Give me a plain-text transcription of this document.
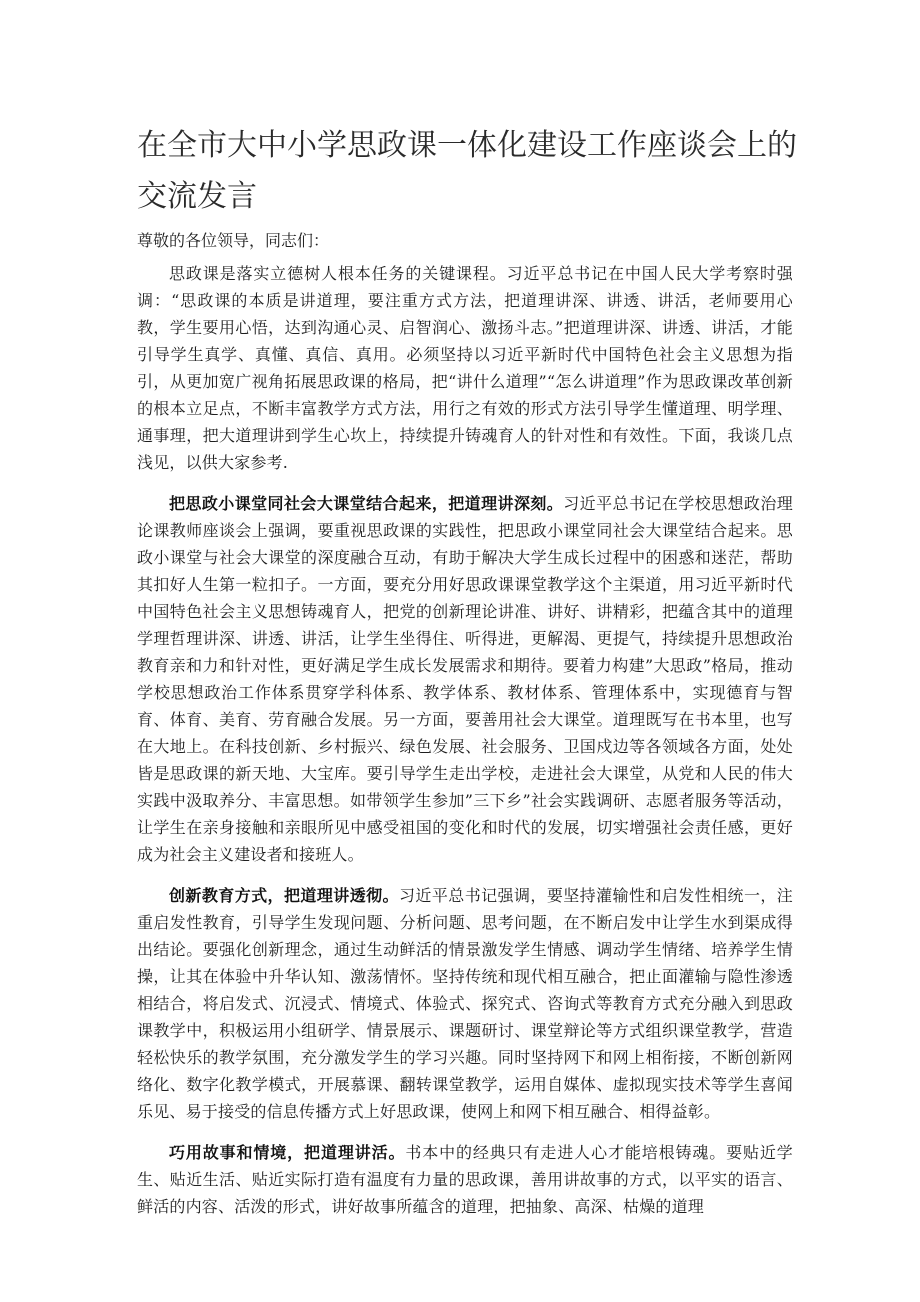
在全市大中小学思政课一体化建设工作座谈会上的交流发言

尊敬的各位领导，同志们：

思政课是落实立德树人根本任务的关键课程。习近平总书记在中国人民大学考察时强调：“思政课的本质是讲道理，要注重方式方法，把道理讲深、讲透、讲活，老师要用心教，学生要用心悟，达到沟通心灵、启智润心、激扬斗志。”把道理讲深、讲透、讲活，才能引导学生真学、真懂、真信、真用。必须坚持以习近平新时代中国特色社会主义思想为指引，从更加宽广视角拓展思政课的格局，把“讲什么道理”“怎么讲道理”作为思政课改革创新的根本立足点，不断丰富教学方式方法，用行之有效的形式方法引导学生懂道理、明学理、通事理，把大道理讲到学生心坎上，持续提升铸魂育人的针对性和有效性。下面，我谈几点浅见，以供大家参考.

把思政小课堂同社会大课堂结合起来，把道理讲深刻。习近平总书记在学校思想政治理论课教师座谈会上强调，要重视思政课的实践性，把思政小课堂同社会大课堂结合起来。思政小课堂与社会大课堂的深度融合互动，有助于解决大学生成长过程中的困惑和迷茫，帮助其扣好人生第一粒扣子。一方面，要充分用好思政课课堂教学这个主渠道，用习近平新时代中国特色社会主义思想铸魂育人，把党的创新理论讲准、讲好、讲精彩，把蕴含其中的道理学理哲理讲深、讲透、讲活，让学生坐得住、听得进，更解渴、更提气，持续提升思想政治教育亲和力和针对性，更好满足学生成长发展需求和期待。要着力构建”大思政”格局，推动学校思想政治工作体系贯穿学科体系、教学体系、教材体系、管理体系中，实现德育与智育、体育、美育、劳育融合发展。另一方面，要善用社会大课堂。道理既写在书本里，也写在大地上。在科技创新、乡村振兴、绿色发展、社会服务、卫国戍边等各领域各方面，处处皆是思政课的新天地、大宝库。要引导学生走出学校，走进社会大课堂，从党和人民的伟大实践中汲取养分、丰富思想。如带领学生参加”三下乡”社会实践调研、志愿者服务等活动，让学生在亲身接触和亲眼所见中感受祖国的变化和时代的发展，切实增强社会责任感，更好成为社会主义建设者和接班人。

创新教育方式，把道理讲透彻。习近平总书记强调，要坚持灌输性和启发性相统一，注重启发性教育，引导学生发现问题、分析问题、思考问题，在不断启发中让学生水到渠成得出结论。要强化创新理念，通过生动鲜活的情景激发学生情感、调动学生情绪、培养学生情操，让其在体验中升华认知、激荡情怀。坚持传统和现代相互融合，把止面灌输与隐性渗透相结合，将启发式、沉浸式、情境式、体验式、探究式、咨询式等教育方式充分融入到思政课教学中，积极运用小组研学、情景展示、课题研讨、课堂辩论等方式组织课堂教学，营造轻松快乐的教学氛围，充分激发学生的学习兴趣。同时坚持网下和网上相衔接，不断创新网络化、数字化教学模式，开展慕课、翻转课堂教学，运用自媒体、虚拟现实技术等学生喜闻乐见、易于接受的信息传播方式上好思政课，使网上和网下相互融合、相得益彰。

巧用故事和情境，把道理讲活。书本中的经典只有走进人心才能培根铸魂。要贴近学生、贴近生活、贴近实际打造有温度有力量的思政课，善用讲故事的方式，以平实的语言、鲜活的内容、活泼的形式，讲好故事所蕴含的道理，把抽象、高深、枯燥的道理
